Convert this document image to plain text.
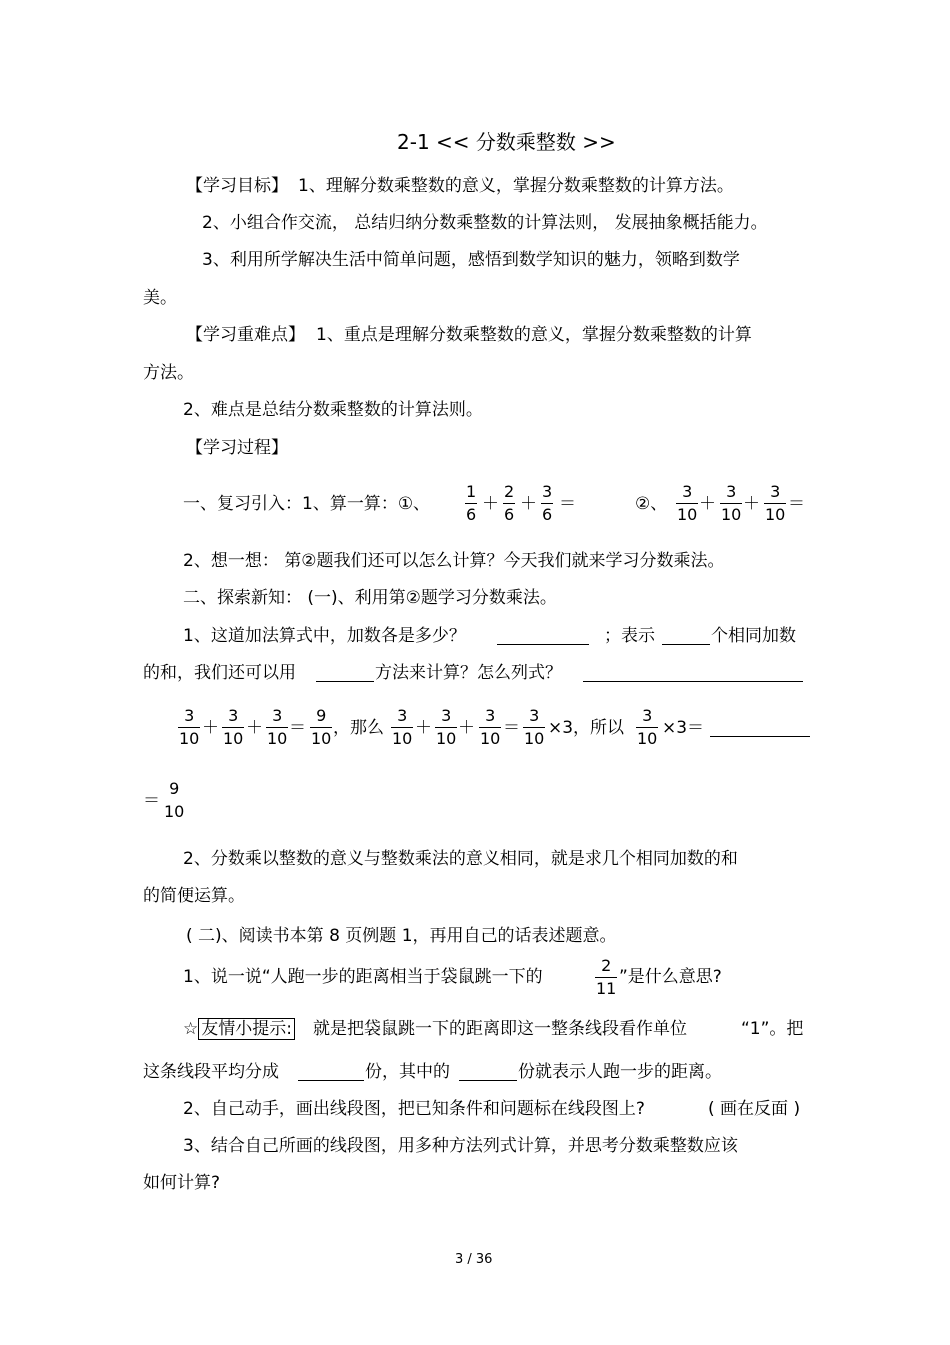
2-1 << 分数乘整数 >>
【学习目标】 1、理解分数乘整数的意义，掌握分数乘整数的计算方法。
2、小组合作交流， 总结归纳分数乘整数的计算法则， 发展抽象概括能力。
3、利用所学解决生活中简单问题，感悟到数学知识的魅力，领略到数学
美。
【学习重难点】 1、重点是理解分数乘整数的意义，掌握分数乘整数的计算
方法。
2、难点是总结分数乘整数的计算法则。
【学习过程】
一、复习引入：1、算一算：①、
1
6
＋
2
6
＋
3
6
＝	②、
3
10
＋
3
10
＋
3
10
＝
2、想一想： 第②题我们还可以怎么计算？今天我们就来学习分数乘法。
二、探索新知： (一)、利用第②题学习分数乘法。
1、这道加法算式中，加数各是多少？	；表示	个相同加数
的和，我们还可以用	方法来计算？怎么列式？
3
10
＋
3
10
＋
3
10
＝
9
10
，那么
3
10
＋
3
10
＋
3
10
＝
3
10
×3，所以
3
10
×3＝
＝
9
10
2、分数乘以整数的意义与整数乘法的意义相同，就是求几个相同加数的和
的简便运算。
( 二)、阅读书本第 8 页例题 1，再用自己的话表述题意。
1、说一说“人跑一步的距离相当于袋鼠跳一下的
2
11
”是什么意思?
☆ 友情小提示: 就是把袋鼠跳一下的距离即这一整条线段看作单位	“1”。把
这条线段平均分成	份，其中的	份就表示人跑一步的距离。
2、自己动手，画出线段图，把已知条件和问题标在线段图上?	( 画在反面 )
3、结合自己所画的线段图，用多种方法列式计算，并思考分数乘整数应该
如何计算?
3 / 36
